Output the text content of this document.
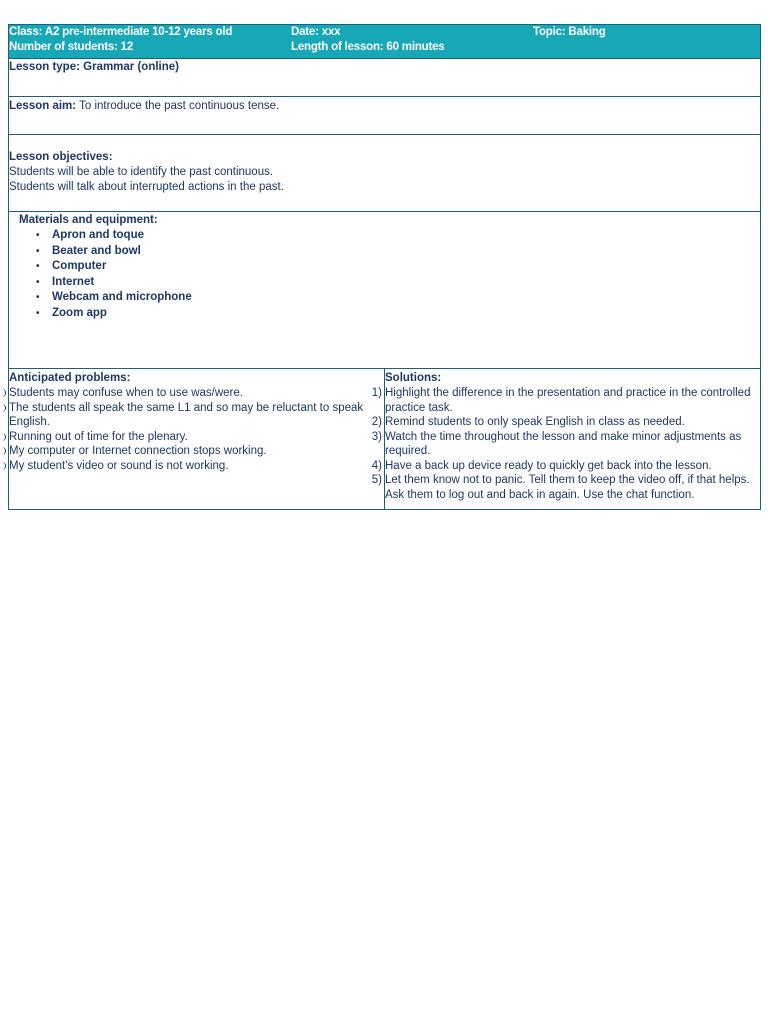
Class: A2 pre-intermediate 10-12 years old
Number of students: 12
Date: xxx
Length of lesson: 60 minutes
Topic: Baking
Lesson type: Grammar (online)
Lesson aim: To introduce the past continuous tense.
Lesson objectives:
Students will be able to identify the past continuous.
Students will talk about interrupted actions in the past.
Materials and equipment:
• Apron and toque
• Beater and bowl
• Computer
• Internet
• Webcam and microphone
• Zoom app
Anticipated problems:
Students may confuse when to use was/were.
The students all speak the same L1 and so may be reluctant to speak English.
Running out of time for the plenary.
My computer or Internet connection stops working.
My student's video or sound is not working.
Solutions:
1) Highlight the difference in the presentation and practice in the controlled practice task.
2) Remind students to only speak English in class as needed.
3) Watch the time throughout the lesson and make minor adjustments as required.
4) Have a back up device ready to quickly get back into the lesson.
5) Let them know not to panic. Tell them to keep the video off, if that helps. Ask them to log out and back in again. Use the chat function.
